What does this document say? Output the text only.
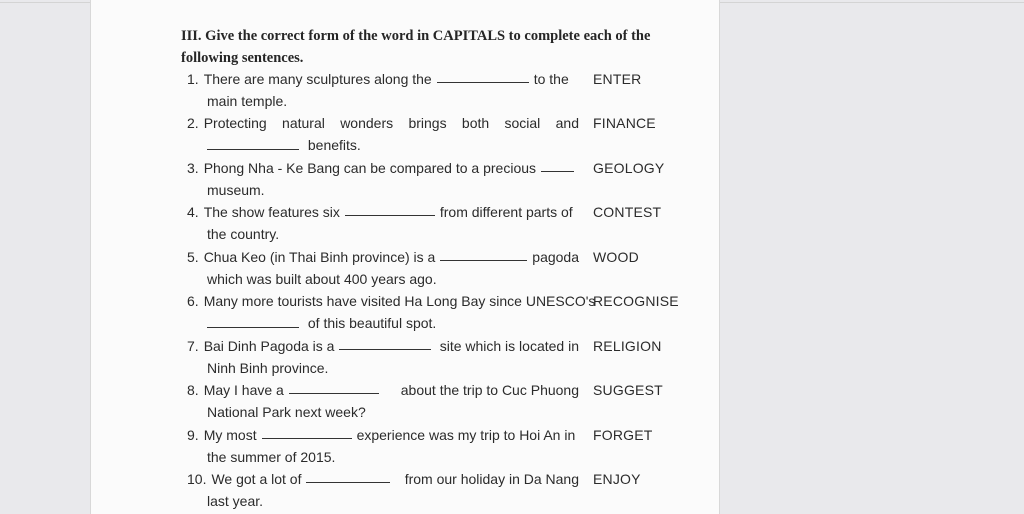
III. Give the correct form of the word in CAPITALS to complete each of the following sentences.
1. There are many sculptures along the	to the
main temple.
ENTER
2. Protecting natural wonders brings both social and
benefits.
FINANCE
3. Phong Nha - Ke Bang can be compared to a precious
museum.
GEOLOGY
4. The show features six	from different parts of
the country.
CONTEST
5. Chua Keo (in Thai Binh province) is a	pagoda
which was built about 400 years ago.
WOOD
6. Many more tourists have visited Ha Long Bay since UNESCO's
of this beautiful spot.
RECOGNISE
7. Bai Dinh Pagoda is a	site which is located in
Ninh Binh province.
RELIGION
8. May I have a	about the trip to Cuc Phuong
National Park next week?
SUGGEST
9. My most	experience was my trip to Hoi An in
the summer of 2015.
FORGET
10. We got a lot of	from our holiday in Da Nang
last year.
ENJOY
